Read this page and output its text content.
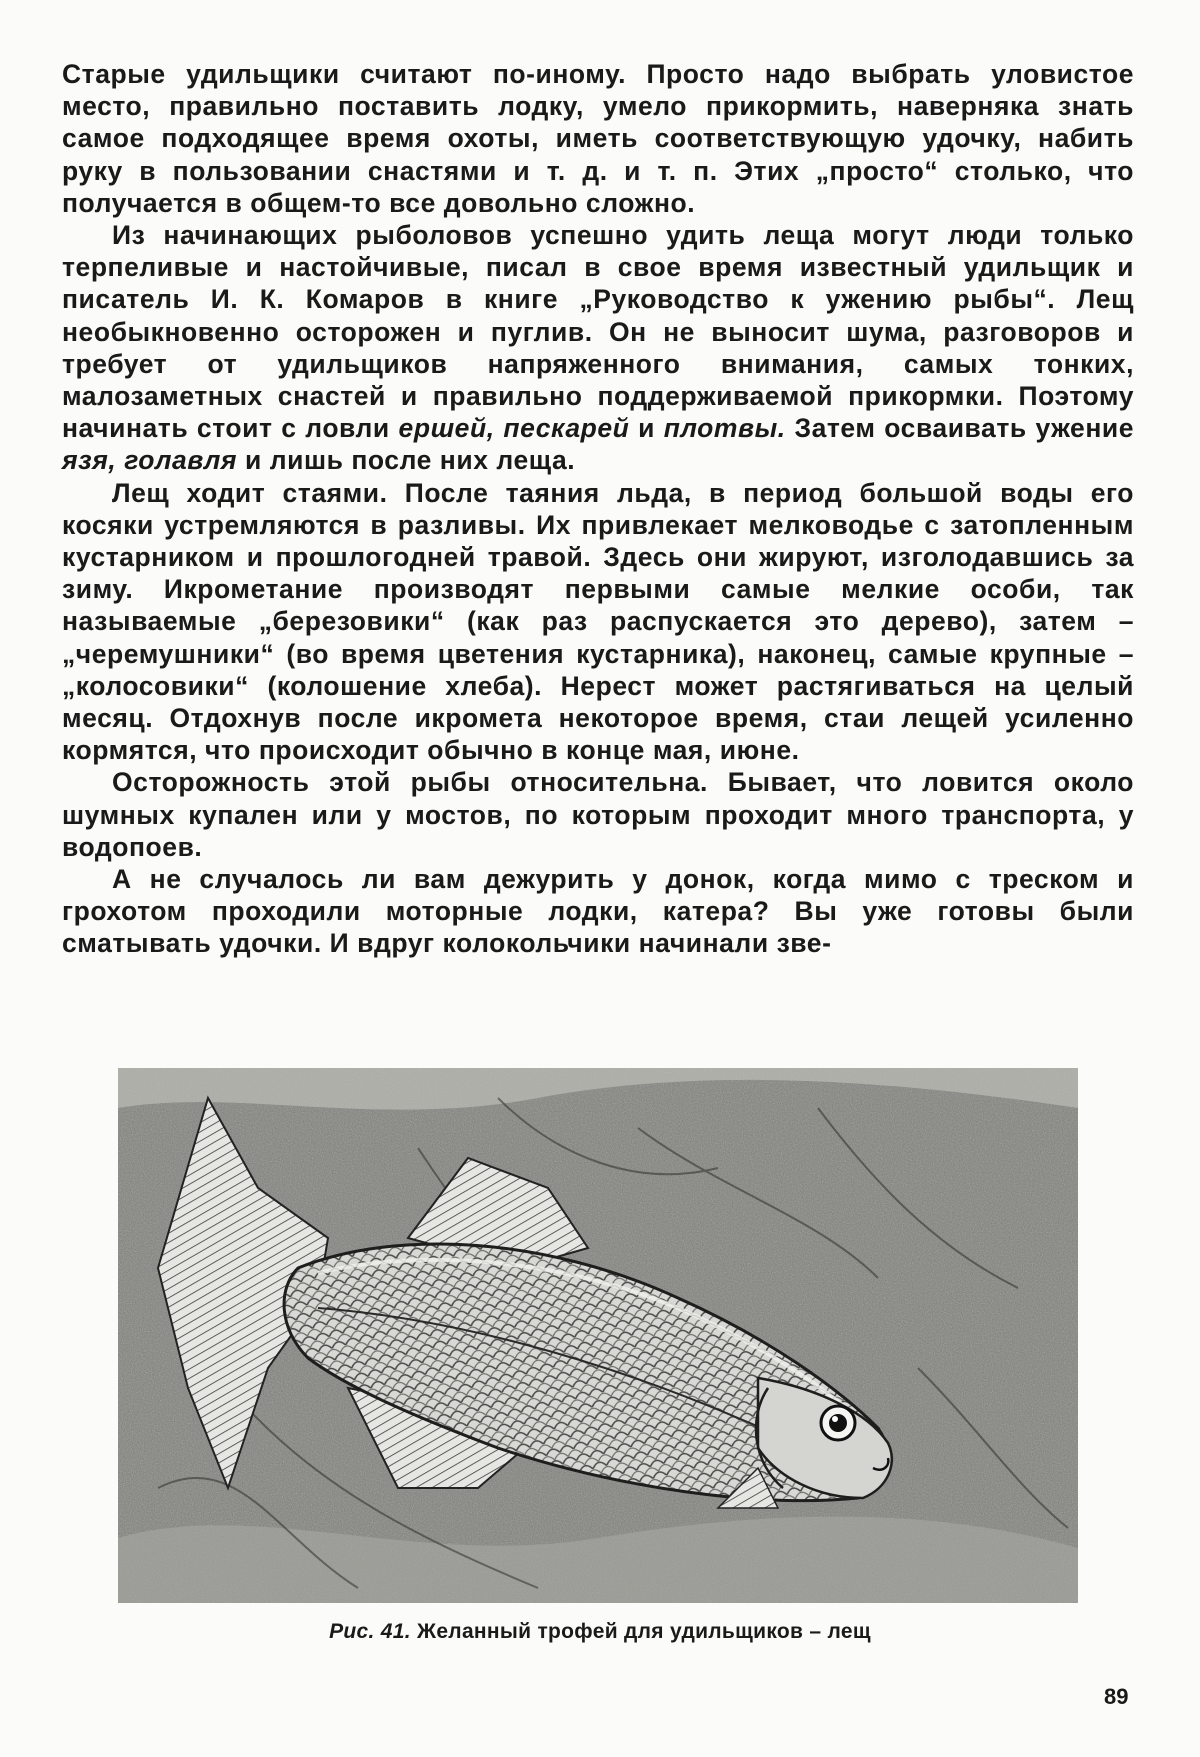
Старые удильщики считают по-иному. Просто надо выбрать уловистое место, правильно поставить лодку, умело прикормить, наверняка знать самое подходящее время охоты, иметь соответствующую удочку, набить руку в пользовании снастями и т. д. и т. п. Этих „просто“ столько, что получается в общем-то все довольно сложно.

Из начинающих рыболовов успешно удить леща могут люди только терпеливые и настойчивые, писал в свое время известный удильщик и писатель И. К. Комаров в книге „Руководство к ужению рыбы“. Лещ необыкновенно осторожен и пуглив. Он не выносит шума, разговоров и требует от удильщиков напряженного внимания, самых тонких, малозаметных снастей и правильно поддерживаемой прикормки. Поэтому начинать стоит с ловли ершей, пескарей и плотвы. Затем осваивать ужение язя, голавля и лишь после них леща.

Лещ ходит стаями. После таяния льда, в период большой воды его косяки устремляются в разливы. Их привлекает мелководье с затопленным кустарником и прошлогодней травой. Здесь они жируют, изголодавшись за зиму. Икрометание производят первыми самые мелкие особи, так называемые „березовики“ (как раз распускается это дерево), затем – „черемушники“ (во время цветения кустарника), наконец, самые крупные – „колосовики“ (колошение хлеба). Нерест может растягиваться на целый месяц. Отдохнув после икромета некоторое время, стаи лещей усиленно кормятся, что происходит обычно в конце мая, июне.

Осторожность этой рыбы относительна. Бывает, что ловится около шумных купален или у мостов, по которым проходит много транспорта, у водопоев.

А не случалось ли вам дежурить у донок, когда мимо с треском и грохотом проходили моторные лодки, катера? Вы уже готовы были сматывать удочки. И вдруг колокольчики начинали зве-

Рис. 41. Желанный трофей для удильщиков – лещ
89
